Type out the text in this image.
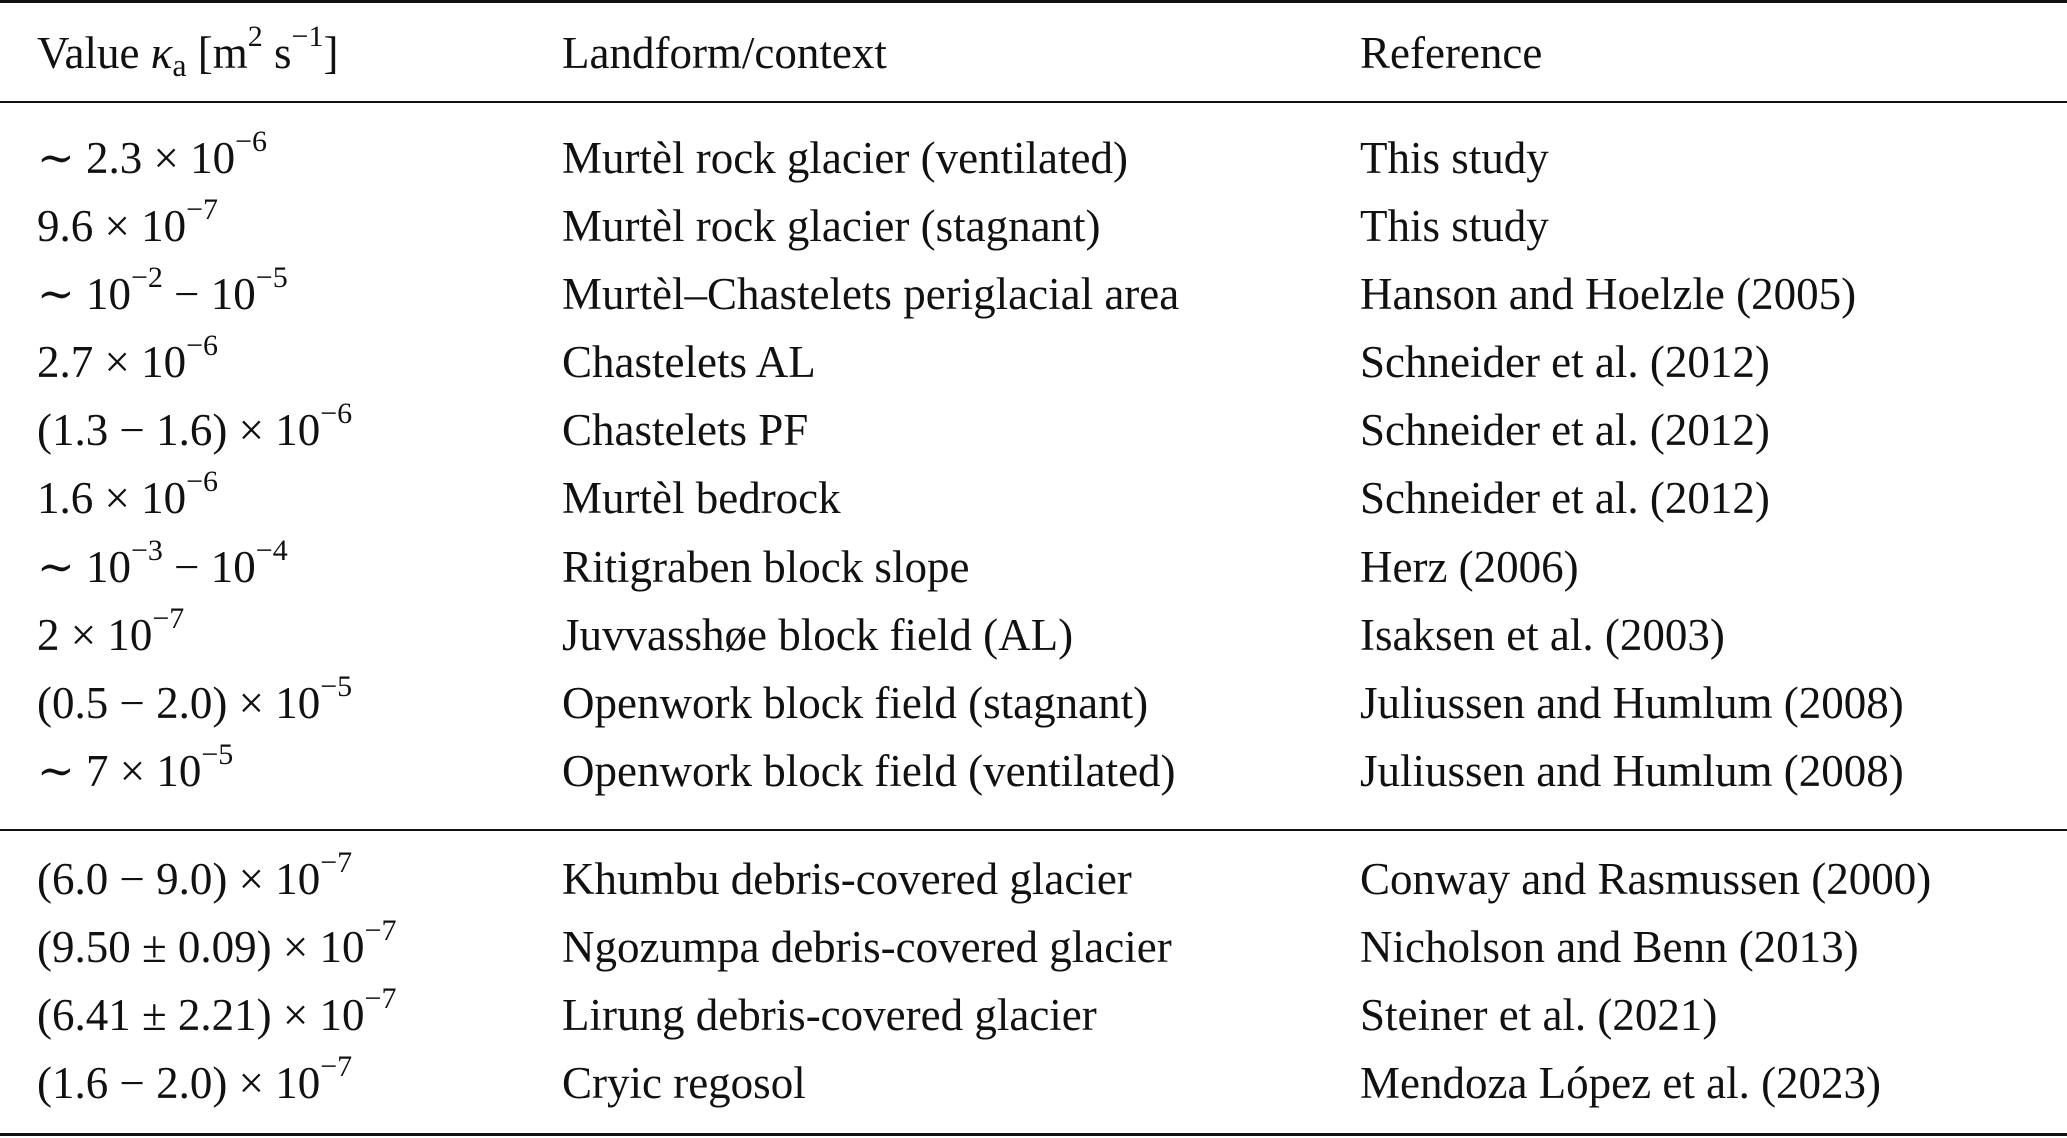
Value $\kappa_a$ [$m^2$ $s^{-1}$]	Landform/context	Reference
∼ $2.3 \times 10^{-6}$	Murtèl rock glacier (ventilated)	This study
$9.6 \times 10^{-7}$	Murtèl rock glacier (stagnant)	This study
∼ $10^{-2} - 10^{-5}$	Murtèl–Chastelets periglacial area	Hanson and Hoelzle (2005)
$2.7 \times 10^{-6}$	Chastelets AL	Schneider et al. (2012)
$(1.3 - 1.6) \times 10^{-6}$	Chastelets PF	Schneider et al. (2012)
$1.6 \times 10^{-6}$	Murtèl bedrock	Schneider et al. (2012)
∼ $10^{-3} - 10^{-4}$	Ritigraben block slope	Herz (2006)
$2 \times 10^{-7}$	Juvvasshøe block field (AL)	Isaksen et al. (2003)
$(0.5 - 2.0) \times 10^{-5}$	Openwork block field (stagnant)	Juliussen and Humlum (2008)
∼ $7 \times 10^{-5}$	Openwork block field (ventilated)	Juliussen and Humlum (2008)
$(6.0 - 9.0) \times 10^{-7}$	Khumbu debris-covered glacier	Conway and Rasmussen (2000)
$(9.50 \pm 0.09) \times 10^{-7}$	Ngozumpa debris-covered glacier	Nicholson and Benn (2013)
$(6.41 \pm 2.21) \times 10^{-7}$	Lirung debris-covered glacier	Steiner et al. (2021)
$(1.6 - 2.0) \times 10^{-7}$	Cryic regosol	Mendoza López et al. (2023)
